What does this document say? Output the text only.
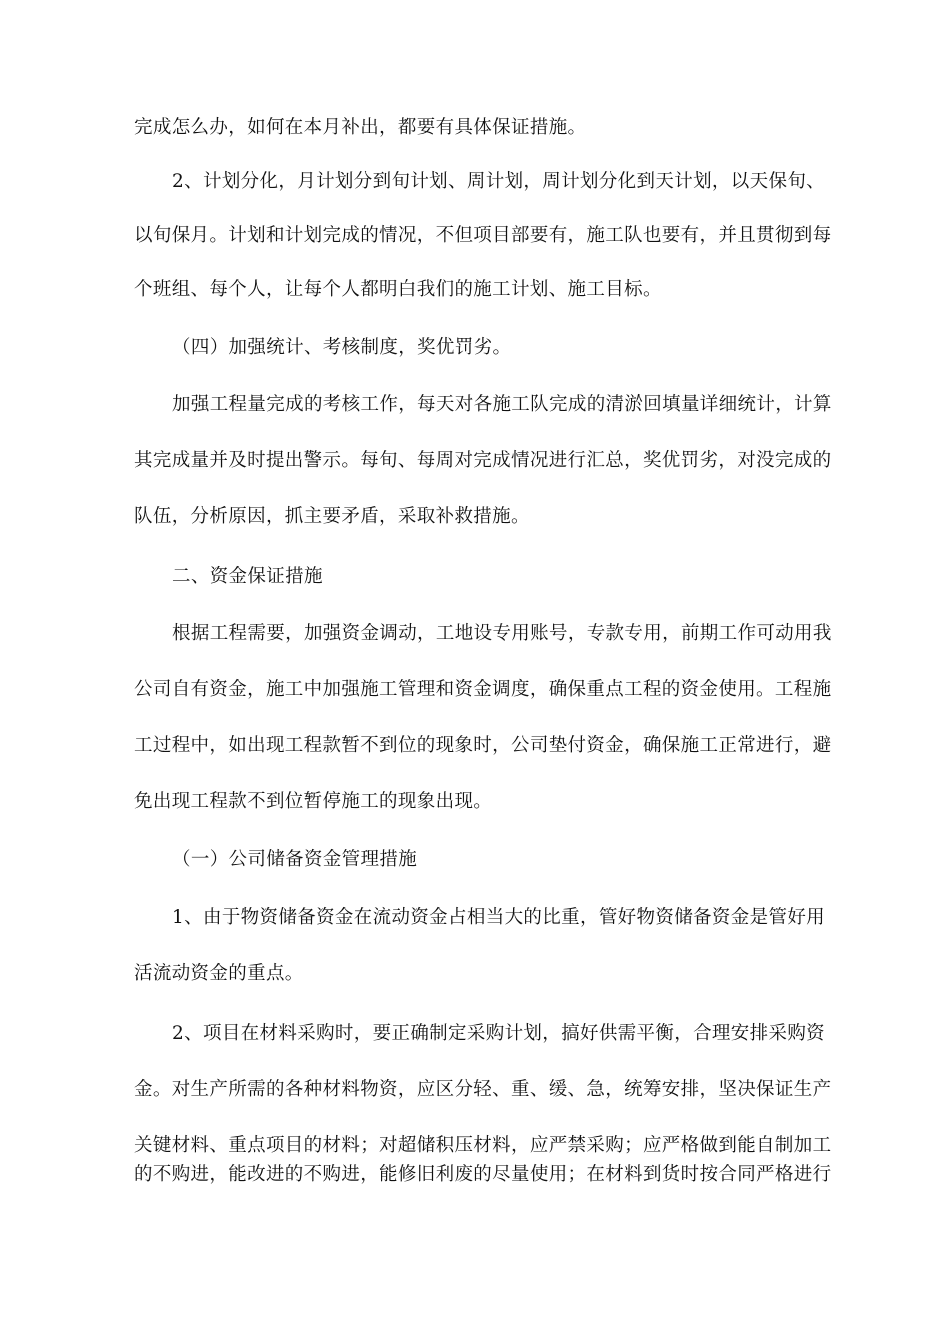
完成怎么办，如何在本月补出，都要有具体保证措施。
2、计划分化，月计划分到旬计划、周计划，周计划分化到天计划，以天保旬、
以旬保月。计划和计划完成的情况，不但项目部要有，施工队也要有，并且贯彻到每
个班组、每个人，让每个人都明白我们的施工计划、施工目标。
（四）加强统计、考核制度，奖优罚劣。
加强工程量完成的考核工作，每天对各施工队完成的清淤回填量详细统计，计算
其完成量并及时提出警示。每旬、每周对完成情况进行汇总，奖优罚劣，对没完成的
队伍，分析原因，抓主要矛盾，采取补救措施。
二、资金保证措施
根据工程需要，加强资金调动，工地设专用账号，专款专用，前期工作可动用我
公司自有资金，施工中加强施工管理和资金调度，确保重点工程的资金使用。工程施
工过程中，如出现工程款暂不到位的现象时，公司垫付资金，确保施工正常进行，避
免出现工程款不到位暂停施工的现象出现。
（一）公司储备资金管理措施
1、由于物资储备资金在流动资金占相当大的比重，管好物资储备资金是管好用
活流动资金的重点。
2、项目在材料采购时，要正确制定采购计划，搞好供需平衡，合理安排采购资
金。对生产所需的各种材料物资，应区分轻、重、缓、急，统筹安排，坚决保证生产
关键材料、重点项目的材料；对超储积压材料，应严禁采购；应严格做到能自制加工
的不购进，能改进的不购进，能修旧利废的尽量使用；在材料到货时按合同严格进行
